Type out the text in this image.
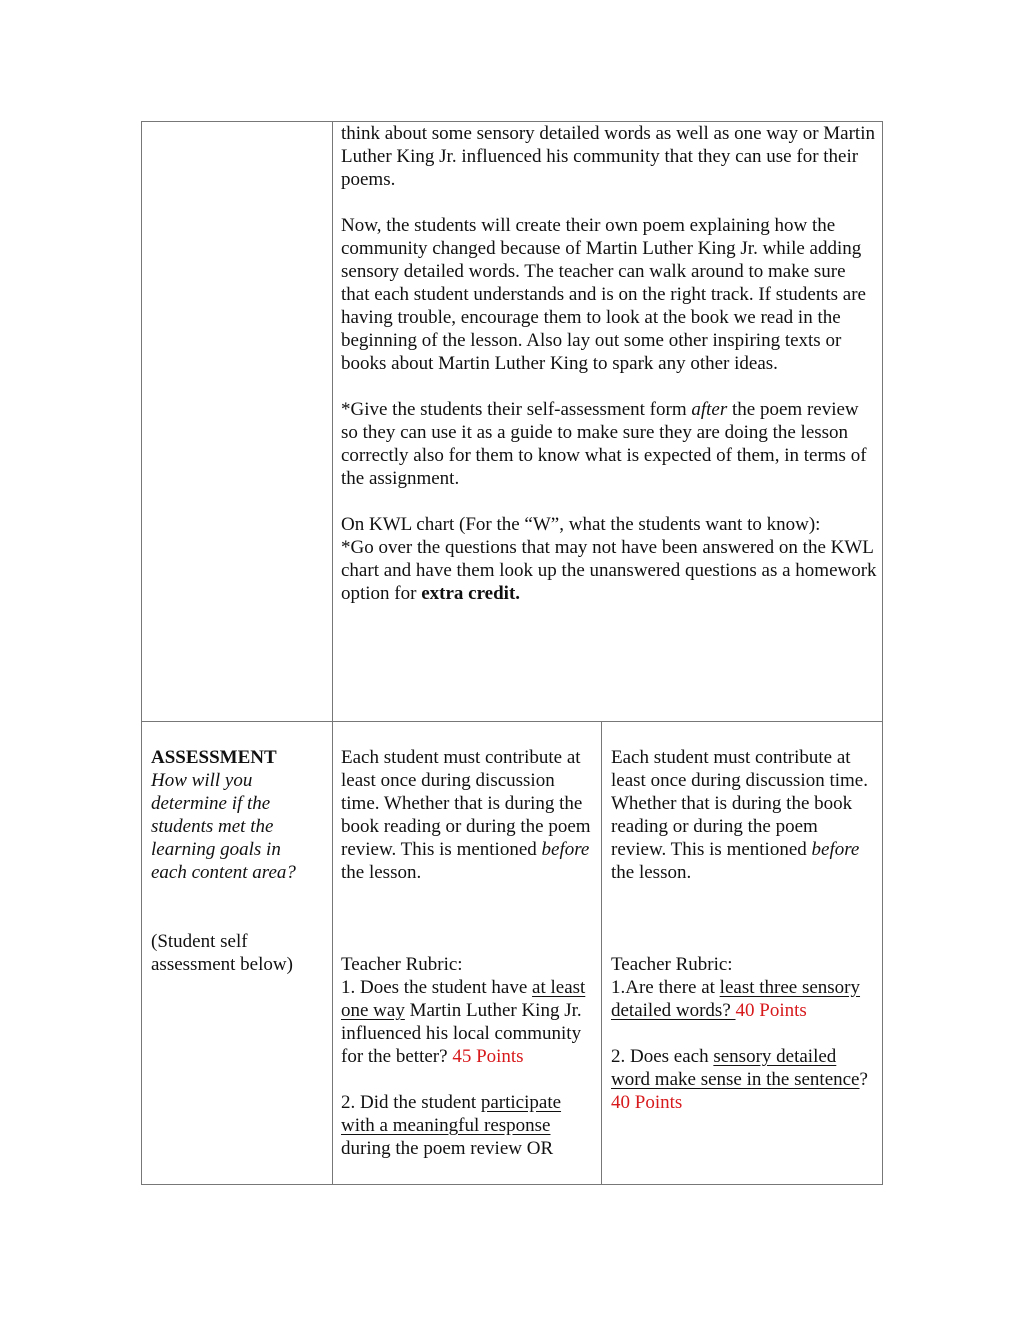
think about some sensory detailed words as well as one way or Martin Luther King Jr. influenced his community that they can use for their poems.

Now, the students will create their own poem explaining how the community changed because of Martin Luther King Jr. while adding sensory detailed words. The teacher can walk around to make sure that each student understands and is on the right track. If students are having trouble, encourage them to look at the book we read in the beginning of the lesson. Also lay out some other inspiring texts or books about Martin Luther King to spark any other ideas.

*Give the students their self-assessment form after the poem review so they can use it as a guide to make sure they are doing the lesson correctly also for them to know what is expected of them, in terms of the assignment.

On KWL chart (For the “W”, what the students want to know):

*Go over the questions that may not have been answered on the KWL chart and have them look up the unanswered questions as a homework option for extra credit.

ASSESSMENT

How will you determine if the students met the learning goals in each content area?

(Student self assessment below)

Each student must contribute at least once during discussion time. Whether that is during the book reading or during the poem review. This is mentioned before the lesson.

Teacher Rubric:

1. Does the student have at least one way Martin Luther King Jr. influenced his local community for the better? 45 Points

2. Did the student participate with a meaningful response during the poem review OR

Each student must contribute at least once during discussion time. Whether that is during the book reading or during the poem review. This is mentioned before the lesson.

Teacher Rubric:

1.Are there at least three sensory detailed words? 40 Points

2. Does each sensory detailed word make sense in the sentence?

40 Points
